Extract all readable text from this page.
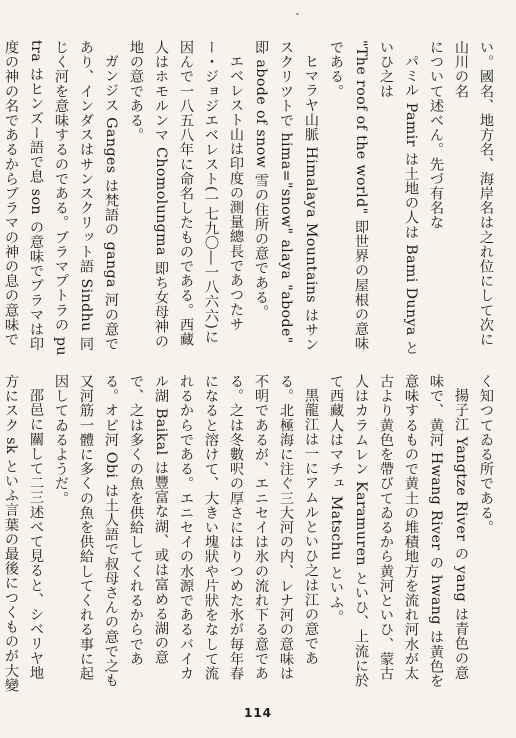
⌄

い。國名、地方名、海岸名は之れ位にして次に山川の名

について述べん。先づ有名な

パミル Pamir は土地の人は Bami Dunya といひ之は

"The roof of the world" 即世界の屋根の意味である。

ヒマラヤ山脈 Himalaya Mountains はサンスクリツトで hima="snow" alaya "abode" 即 abode of snow 雪の住所の意である。

エベレスト山は印度の測量總長であつたサー・ジョジエベレスト(一七九〇―一八六六)に因んで一八五八年に命名したものである。西藏人はホモルンマ Chomolungma 即ち女母神の地の意である。

ガンジス Ganges は梵語の ganga 河の意であり、インダスはサンスクリット語 Sindhu 同じく河を意味するのである。ブラマプトラの putra はヒンズー語で息 son の意味でブラマは印度の神の名であるからブラマの神の息の意味で

く知つてゐる所である。

揚子江 Yangtze River の yang は青色の意味で、黄河 Hwang River の hwang は黄色を意味するもので黄土の堆積地方を流れ河水が太古より黄色を帶びてゐるから黄河といひ、蒙古人はカラムレン Karamuren といひ、上流に於て西藏人はマチュ Matschu といふ。

黒龍江は一にアムルといひ之は江の意である。北極海に注ぐ三大河の内、レナ河の意味は不明であるが、エニセイは氷の流れ下る意である。之は冬數呎の厚さにはりつめた氷が毎年春になると溶けて、大きい塊狀や片狀をなして流れるからである。エニセイの水源であるバイカル湖 Baikal は豐富な湖、或は富める湖の意で、之は多くの魚を供給してくれるからである。オビ河 Obi は土人語で叔母さんの意で之も又河筋一體に多くの魚を供給してくれる事に起因してゐるようだ。

邵邑に關して二三述べて見ると、シベリヤ地方にスク sk といふ言葉の最後につくものが大變

114
